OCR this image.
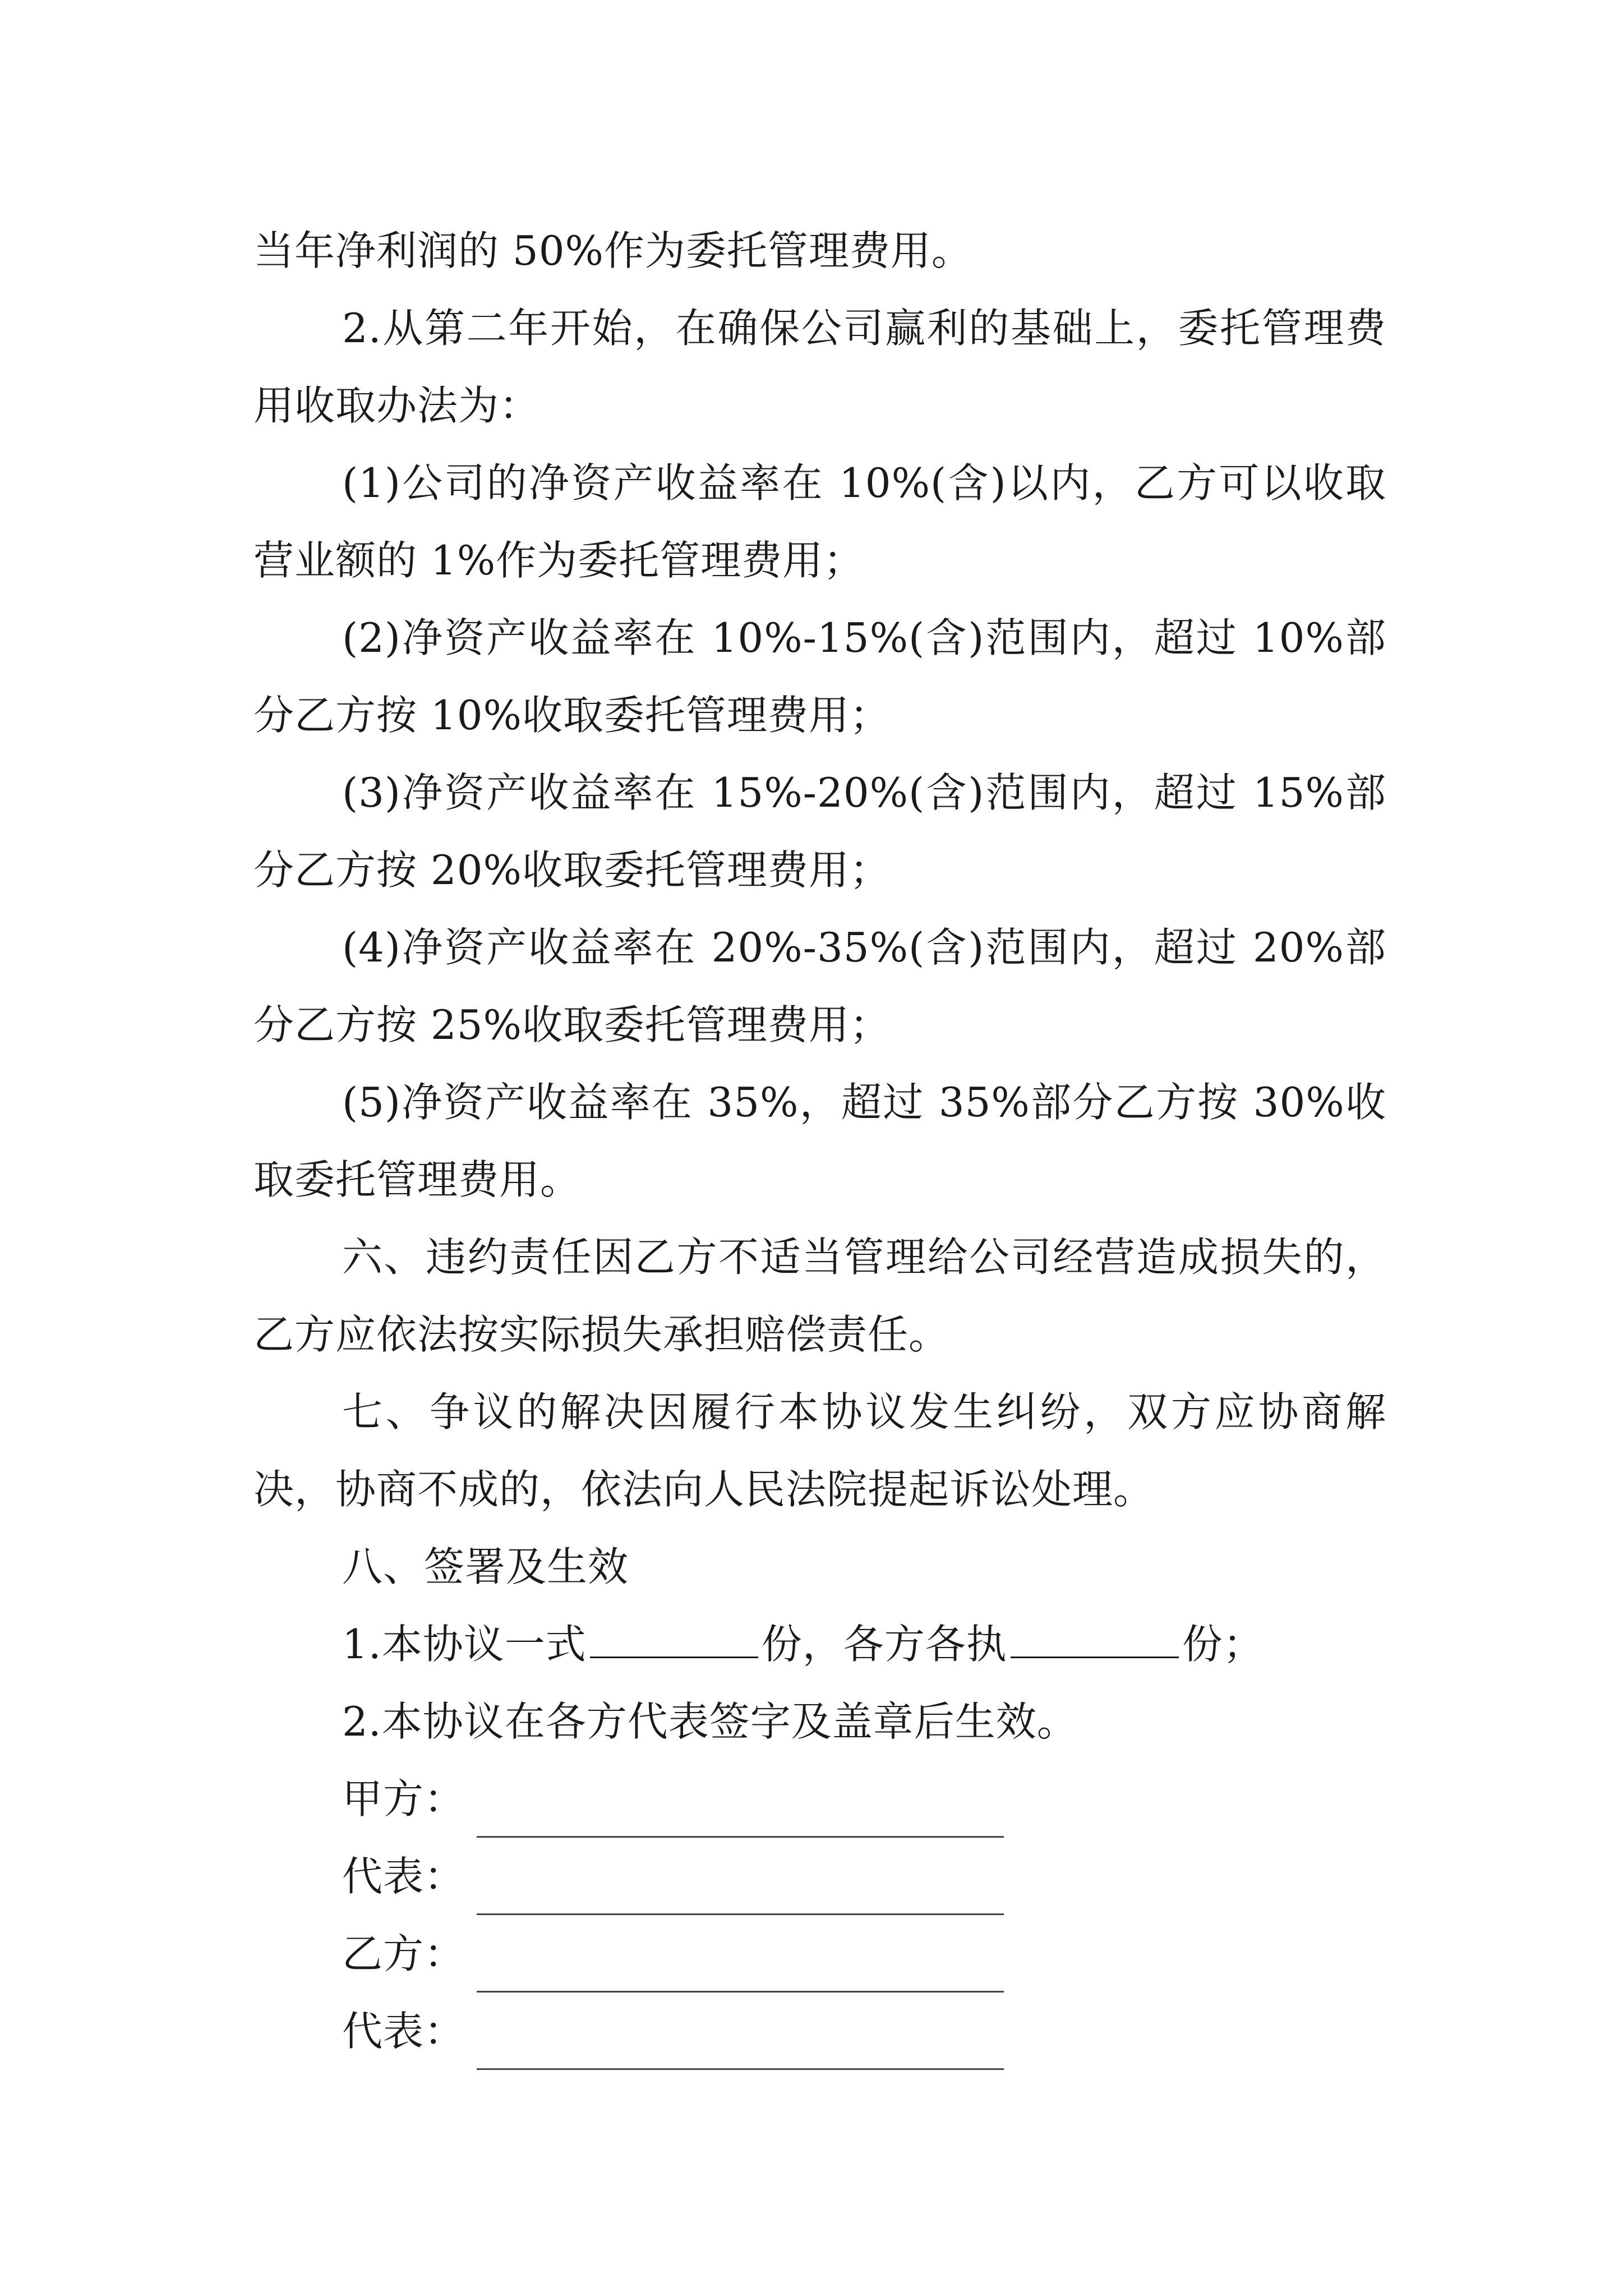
当年净利润的 50%作为委托管理费用。

2.从第二年开始，在确保公司赢利的基础上，委托管理费用收取办法为：

(1)公司的净资产收益率在 10%(含)以内，乙方可以收取营业额的 1%作为委托管理费用；

(2)净资产收益率在 10%-15%(含)范围内，超过 10%部分乙方按 10%收取委托管理费用；

(3)净资产收益率在 15%-20%(含)范围内，超过 15%部分乙方按 20%收取委托管理费用；

(4)净资产收益率在 20%-35%(含)范围内，超过 20%部分乙方按 25%收取委托管理费用；

(5)净资产收益率在 35%，超过 35%部分乙方按 30%收取委托管理费用。

六、违约责任因乙方不适当管理给公司经营造成损失的，乙方应依法按实际损失承担赔偿责任。

七、争议的解决因履行本协议发生纠纷，双方应协商解决，协商不成的，依法向人民法院提起诉讼处理。

八、签署及生效

1.本协议一式	份，各方各执	份；

2.本协议在各方代表签字及盖章后生效。

甲方：
代表：
乙方：
代表：
